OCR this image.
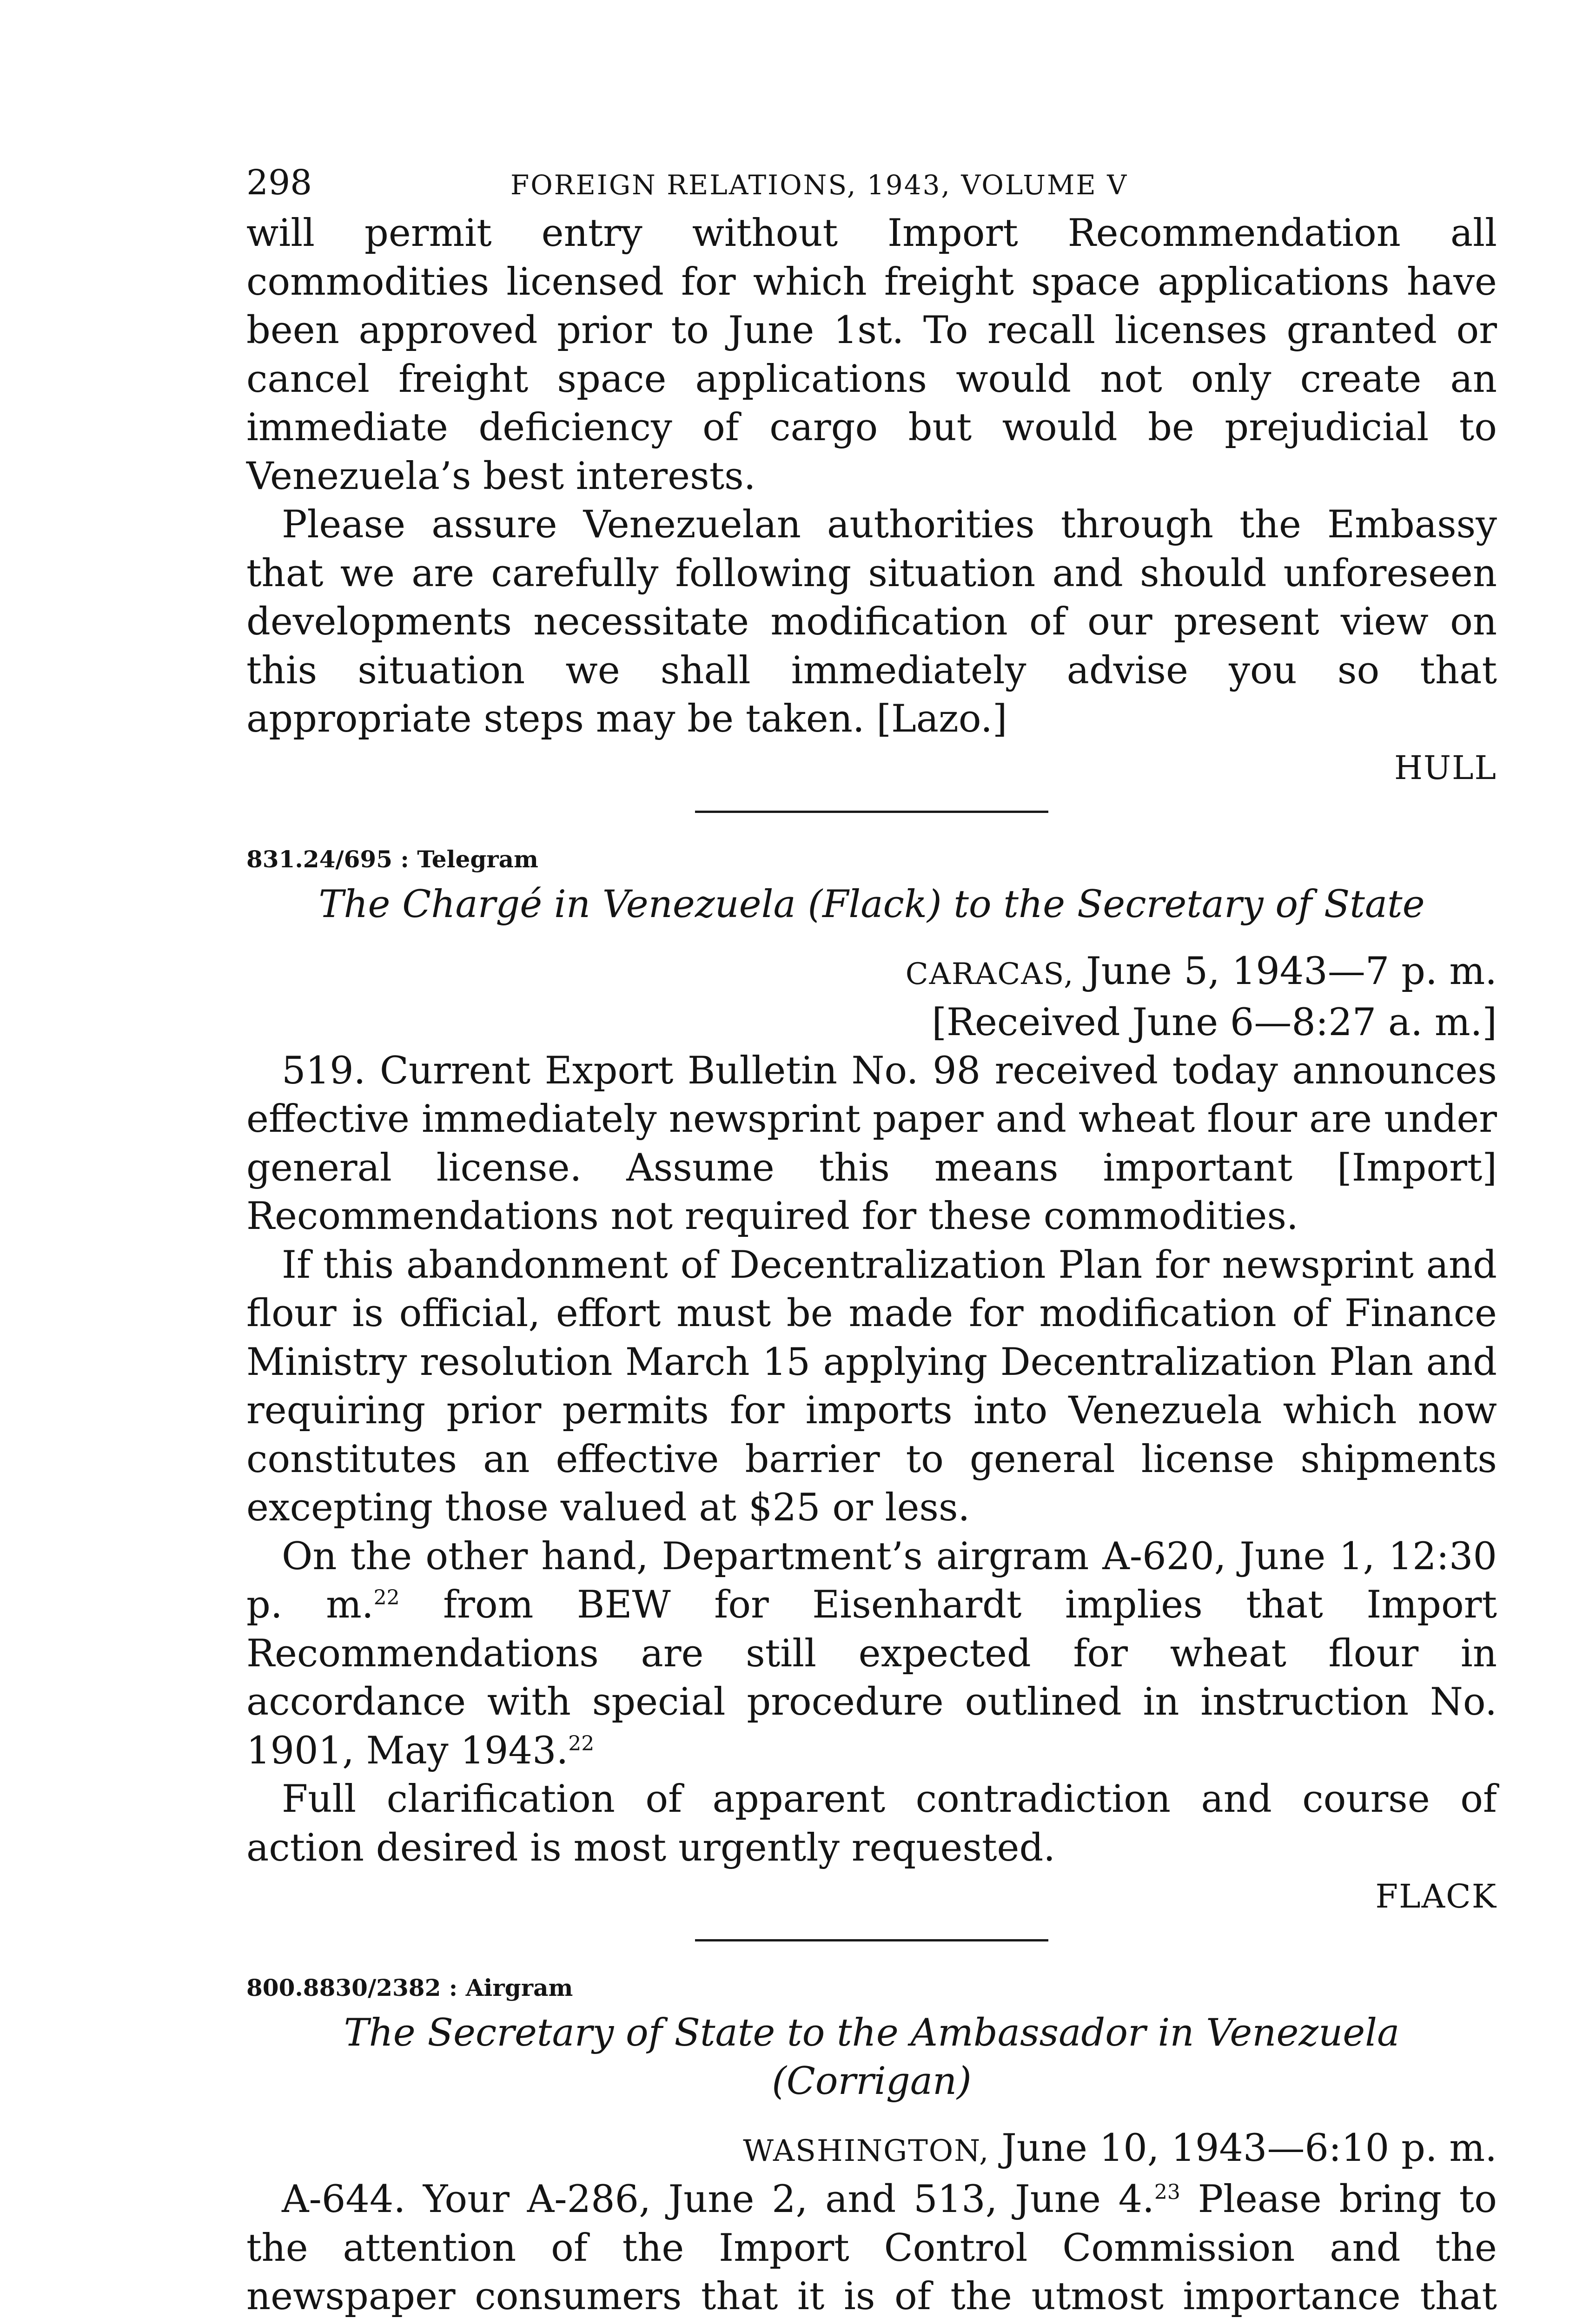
298	FOREIGN RELATIONS, 1943, VOLUME V

will permit entry without Import Recommendation all commodities licensed for which freight space applications have been approved prior to June 1st. To recall licenses granted or cancel freight space applications would not only create an immediate deficiency of cargo but would be prejudicial to Venezuela’s best interests.

Please assure Venezuelan authorities through the Embassy that we are carefully following situation and should unforeseen developments necessitate modification of our present view on this situation we shall immediately advise you so that appropriate steps may be taken. [Lazo.]

HULL

831.24/695 : Telegram

The Chargé in Venezuela (Flack) to the Secretary of State

CARACAS, June 5, 1943—7 p. m.

[Received June 6—8:27 a. m.]

519. Current Export Bulletin No. 98 received today announces effective immediately newsprint paper and wheat flour are under general license. Assume this means important [Import] Recommendations not required for these commodities.

If this abandonment of Decentralization Plan for newsprint and flour is official, effort must be made for modification of Finance Ministry resolution March 15 applying Decentralization Plan and requiring prior permits for imports into Venezuela which now constitutes an effective barrier to general license shipments excepting those valued at $25 or less.

On the other hand, Department’s airgram A-620, June 1, 12:30 p. m.$^{22}$ from BEW for Eisenhardt implies that Import Recommendations are still expected for wheat flour in accordance with special procedure outlined in instruction No. 1901, May 1943.22

Full clarification of apparent contradiction and course of action desired is most urgently requested.

FLACK

800.8830/2382 : Airgram

The Secretary of State to the Ambassador in Venezuela (Corrigan)

WASHINGTON, June 10, 1943—6:10 p. m.

A-644. Your A-286, June 2, and 513, June 4.23 Please bring to the attention of the Import Control Commission and the newspaper consumers that it is of the utmost importance that
